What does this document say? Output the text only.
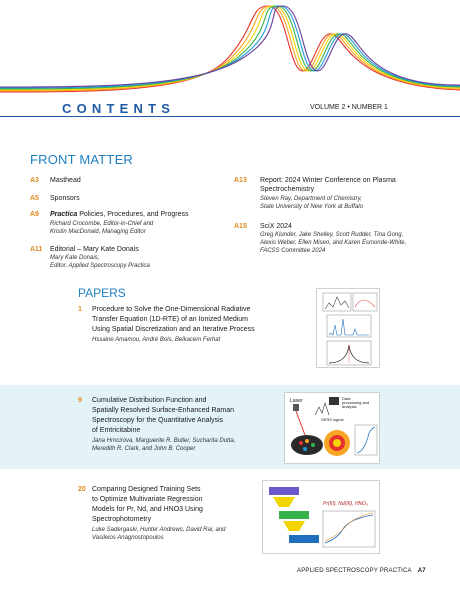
CONTENTS	VOLUME 2 • NUMBER 1
FRONT MATTER
A3 Masthead
A5 Sponsors
A9 Practica Policies, Procedures, and Progress
Richard Crocombe, Editor-in-Chief and
Kristin MacDonald, Managing Editor
A11 Editorial – Mary Kate Donais
Mary Kate Donais,
Editor, Applied Spectroscopy Practica
A13 Report: 2024 Winter Conference on Plasma
Spectrochemistry
Steven Ray, Department of Chemistry,
State University of New York at Buffalo
A15 SciX 2024
Greg Klunder, Jake Shelley, Scott Rudder, Tina Gong,
Alexis Weber, Ellen Miseo, and Karen Esmonde-White,
FACSS Committee 2024
PAPERS
1 Procedure to Solve the One-Dimensional Radiative
Transfer Equation (1D-RTE) of an Ionized Medium
Using Spatial Discretization and an Iterative Process
Hssaine Amamou, André Bois, Belkacem Ferhat
9 Cumulative Distribution Function and
Spatially Resolved Surface-Enhanced Raman
Spectroscopy for the Quantitative Analysis
of Emtricitabine
Jana Hrncirova, Marguerite R. Butler, Sucharita Dutta,
Meredith R. Clark, and John B. Cooper
Laser	Data
processing and
analysis
SERS signal
20 Comparing Designed Training Sets
to Optimize Multivariate Regression
Models for Pr, Nd, and HNO3 Using
Spectrophotometry
Luke Sadergaski, Hunter Andrews, David Rai, and
Vasileios Anagnostopoulos
Pr(III), Nd(III), HNO₃
APPLIED SPECTROSCOPY PRACTICA A7
